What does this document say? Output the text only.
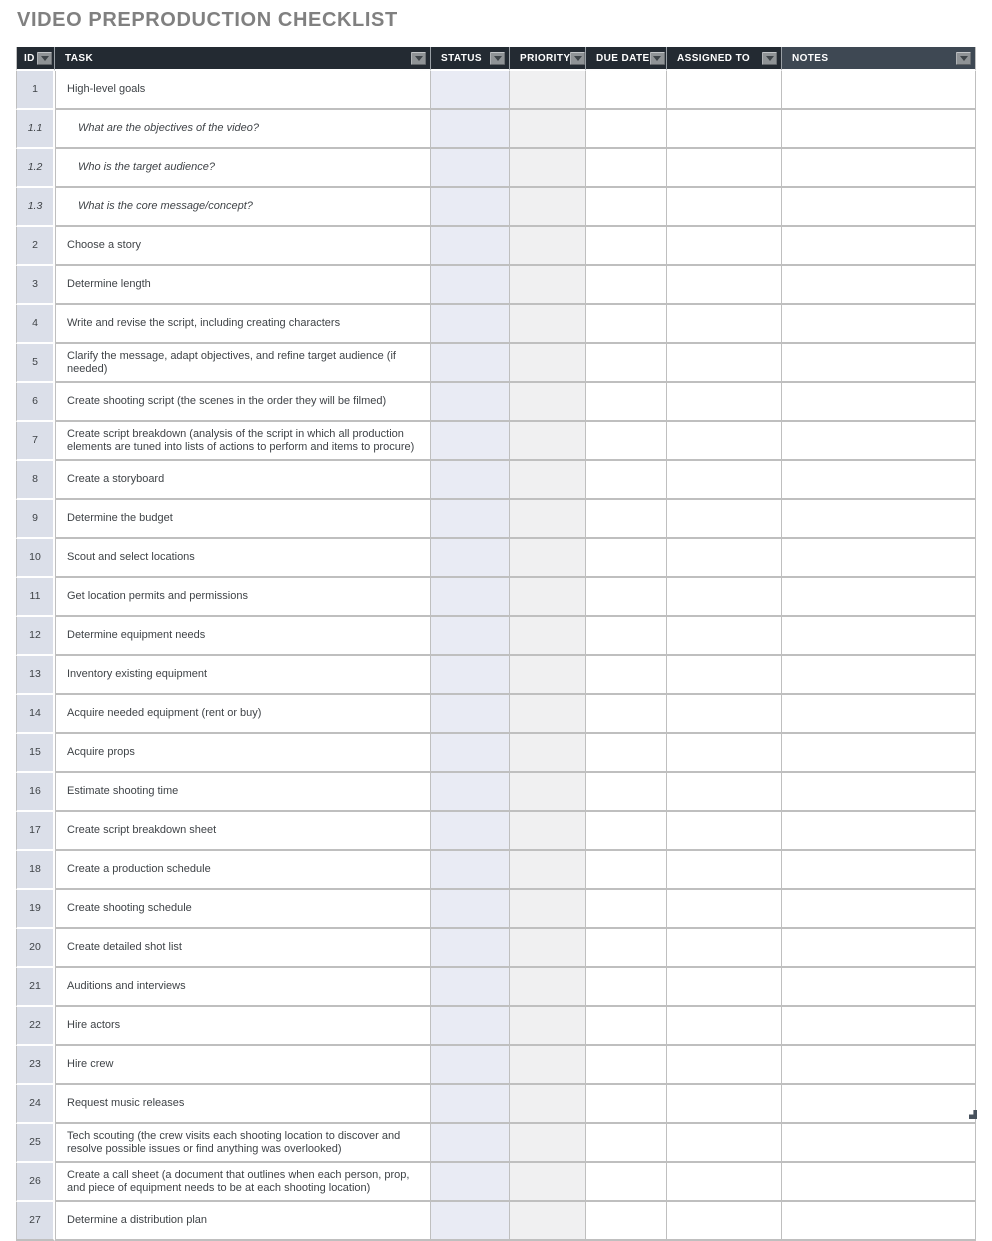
VIDEO PREPRODUCTION CHECKLIST
ID	TASK	STATUS	PRIORITY	DUE DATE	ASSIGNED TO	NOTES

1	High-level goals					
1.1	What are the objectives of the video?					
1.2	Who is the target audience?					
1.3	What is the core message/concept?					
2	Choose a story					
3	Determine length					
4	Write and revise the script, including creating characters					
5	Clarify the message, adapt objectives, and refine target audience (if needed)					
6	Create shooting script (the scenes in the order they will be filmed)					
7	Create script breakdown (analysis of the script in which all production elements are tuned into lists of actions to perform and items to procure)					
8	Create a storyboard					
9	Determine the budget					
10	Scout and select locations					
11	Get location permits and permissions					
12	Determine equipment needs					
13	Inventory existing equipment					
14	Acquire needed equipment (rent or buy)					
15	Acquire props					
16	Estimate shooting time					
17	Create script breakdown sheet					
18	Create a production schedule					
19	Create shooting schedule					
20	Create detailed shot list					
21	Auditions and interviews					
22	Hire actors					
23	Hire crew					
24	Request music releases					
25	Tech scouting (the crew visits each shooting location to discover and resolve possible issues or find anything was overlooked)					
26	Create a call sheet (a document that outlines when each person, prop, and piece of equipment needs to be at each shooting location)					
27	Determine a distribution plan					
